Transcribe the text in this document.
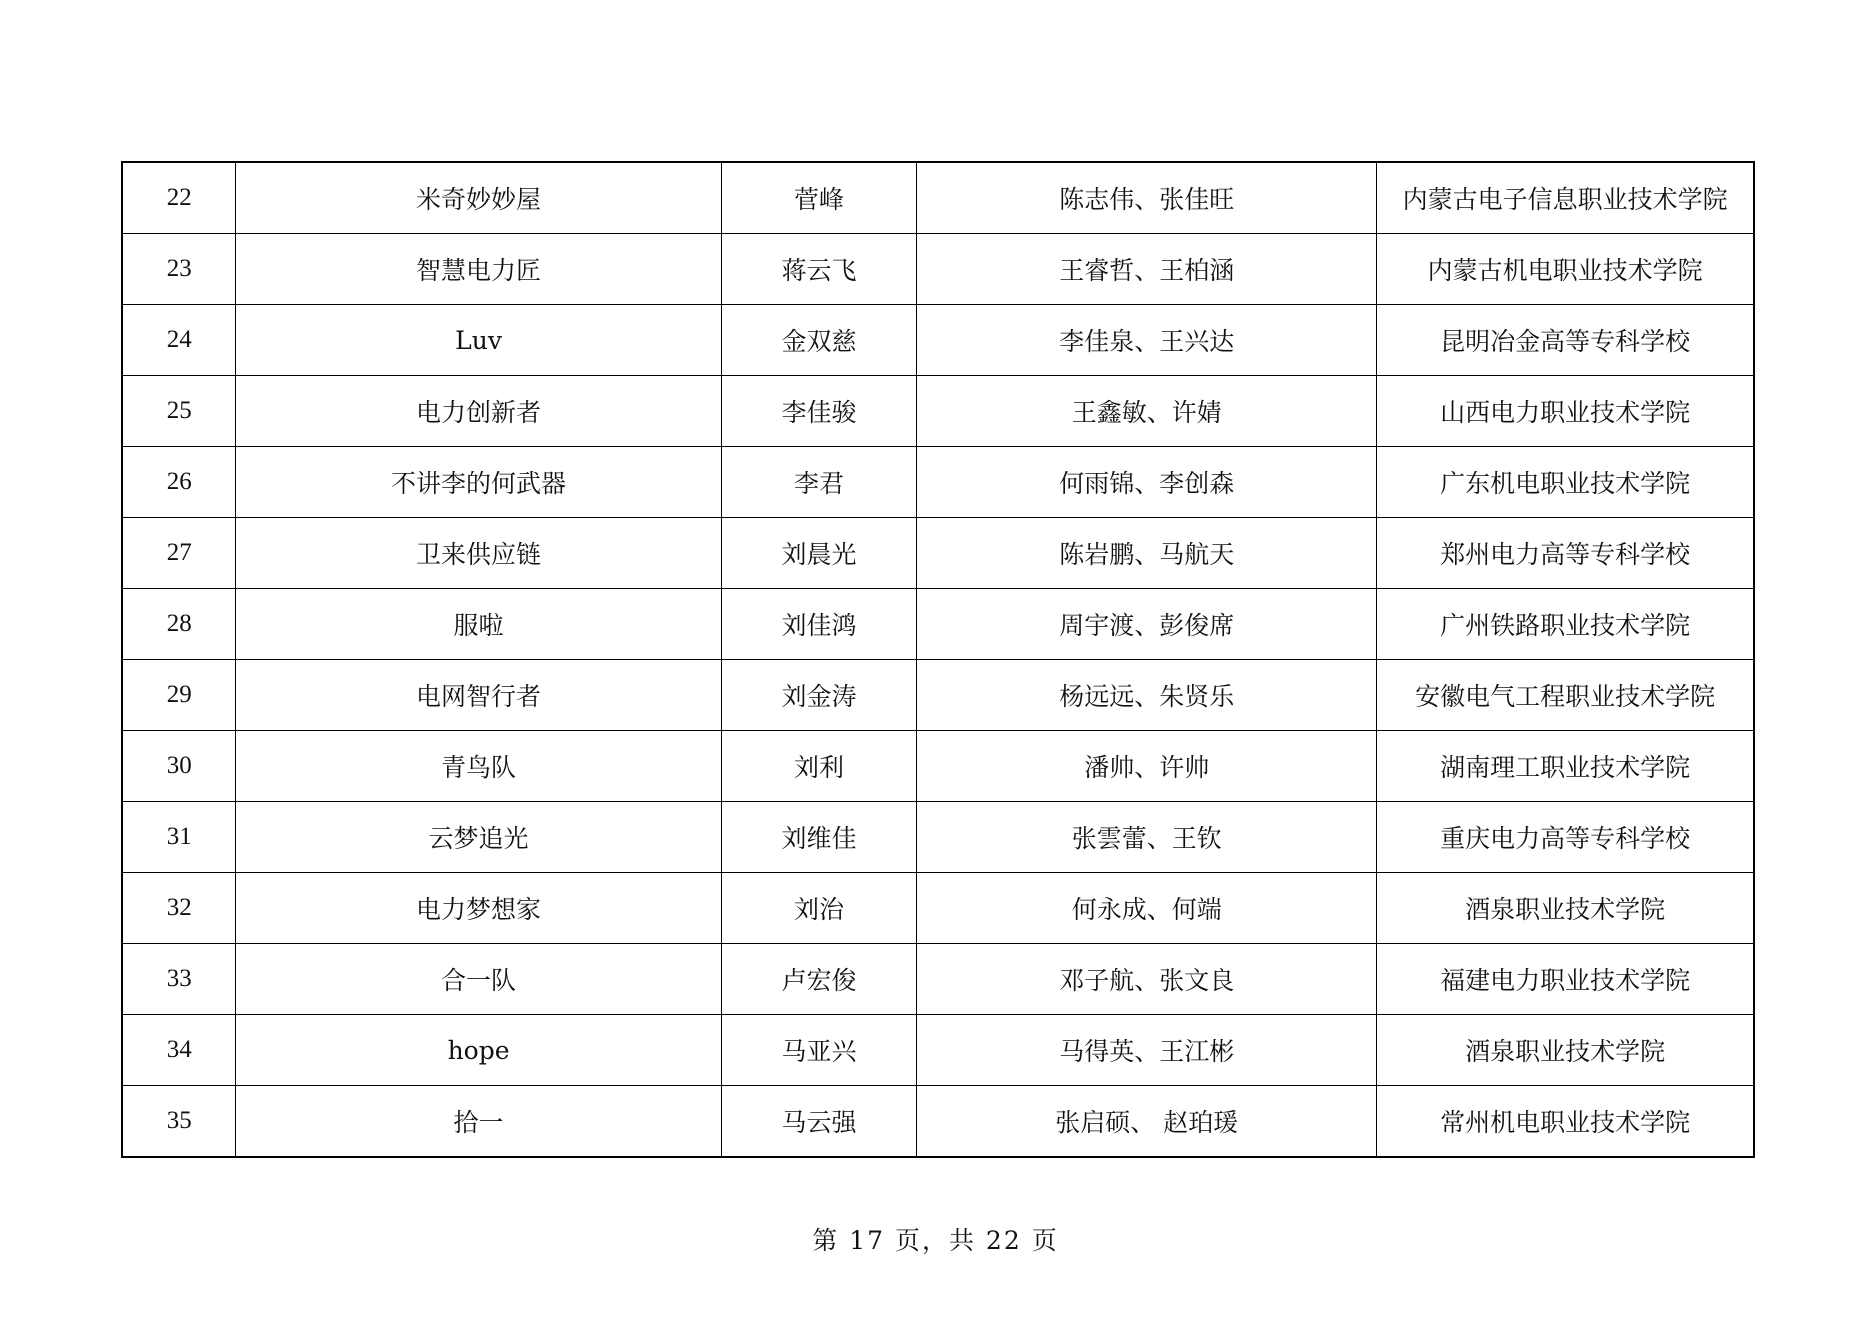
22	米奇妙妙屋	菅峰	陈志伟、张佳旺	内蒙古电子信息职业技术学院
23	智慧电力匠	蒋云飞	王睿哲、王柏涵	内蒙古机电职业技术学院
24	Luv	金双慈	李佳泉、王兴达	昆明冶金高等专科学校
25	电力创新者	李佳骏	王鑫敏、许婧	山西电力职业技术学院
26	不讲李的何武器	李君	何雨锦、李创森	广东机电职业技术学院
27	卫来供应链	刘晨光	陈岩鹏、马航天	郑州电力高等专科学校
28	服啦	刘佳鸿	周宇渡、彭俊席	广州铁路职业技术学院
29	电网智行者	刘金涛	杨远远、朱贤乐	安徽电气工程职业技术学院
30	青鸟队	刘利	潘帅、许帅	湖南理工职业技术学院
31	云梦追光	刘维佳	张雲蕾、王钦	重庆电力高等专科学校
32	电力梦想家	刘治	何永成、何端	酒泉职业技术学院
33	合一队	卢宏俊	邓子航、张文良	福建电力职业技术学院
34	hope	马亚兴	马得英、王江彬	酒泉职业技术学院
35	拾一	马云强	张启硕、 赵珀瑗	常州机电职业技术学院
第 17 页，共 22 页
